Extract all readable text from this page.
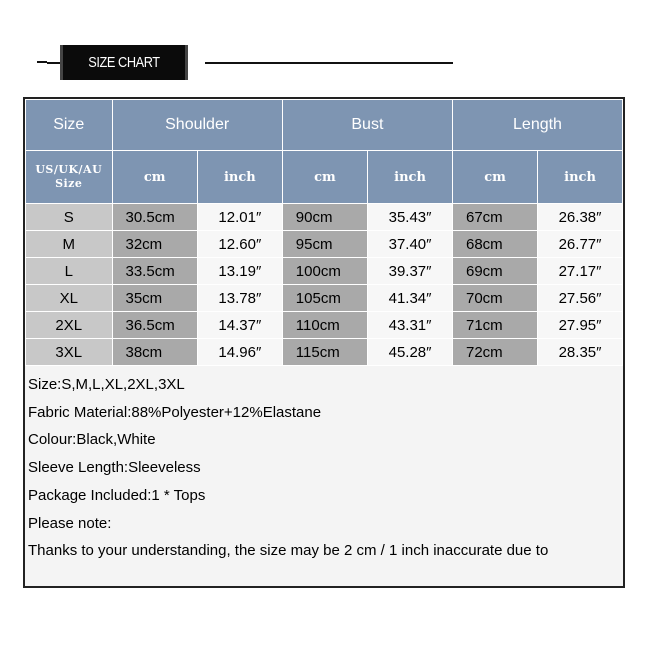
SIZE CHART
Size	Shoulder		Bust		Length	

US/UK/AU
Size	cm	inch	cm	inch	cm	inch
S	30.5cm	12.01″	90cm	35.43″	67cm	26.38″
M	32cm	12.60″	95cm	37.40″	68cm	26.77″
L	33.5cm	13.19″	100cm	39.37″	69cm	27.17″
XL	35cm	13.78″	105cm	41.34″	70cm	27.56″
2XL	36.5cm	14.37″	110cm	43.31″	71cm	27.95″
3XL	38cm	14.96″	115cm	45.28″	72cm	28.35″
Size:S,M,L,XL,2XL,3XL
Fabric Material:88%Polyester+12%Elastane
Colour:Black,White
Sleeve Length:Sleeveless
Package Included:1 * Tops
Please note:
Thanks to your understanding, the size may be 2 cm / 1 inch inaccurate due to
